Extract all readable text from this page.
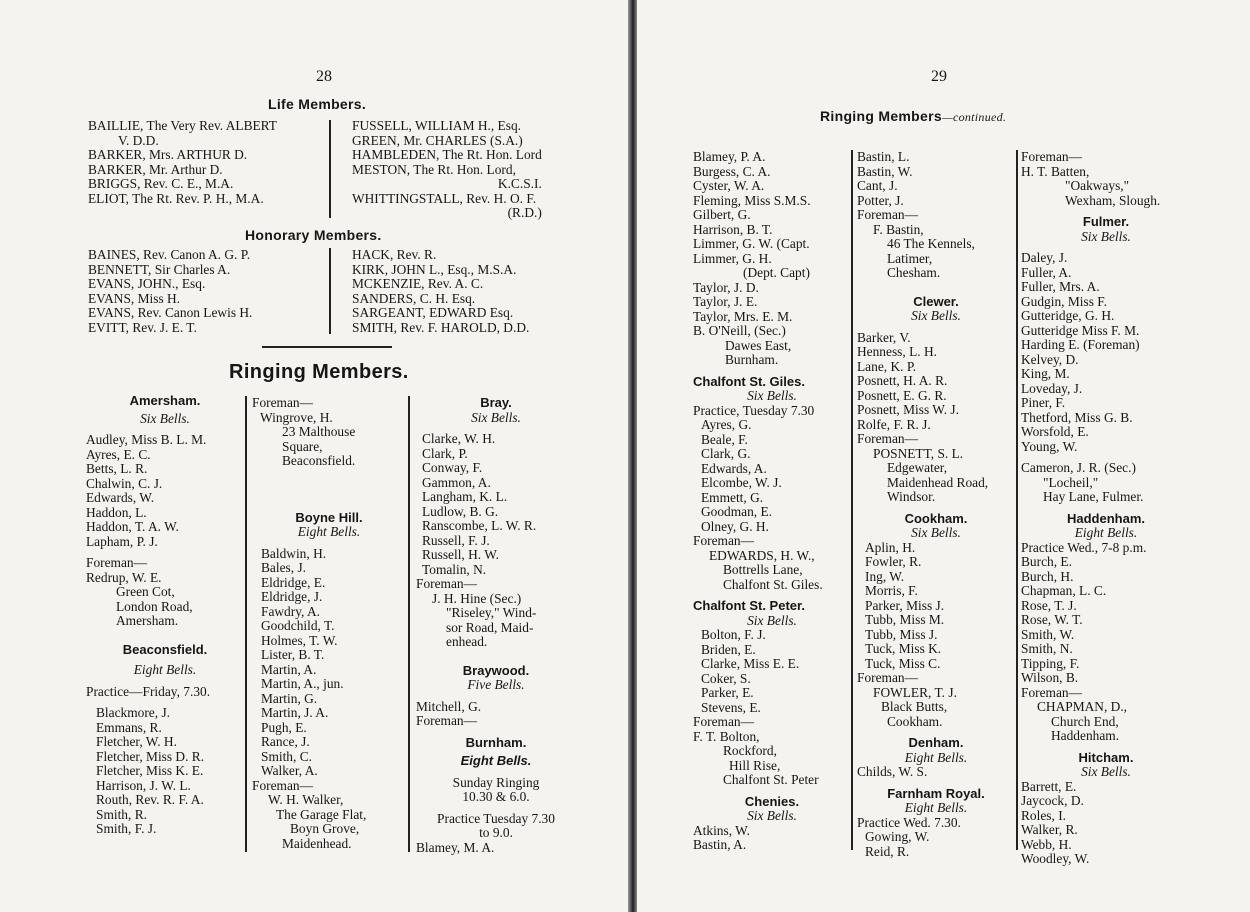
28
Life Members.
BAILLIE, The Very Rev. ALBERT
V. D.D.
BARKER, Mrs. ARTHUR D.
BARKER, Mr. Arthur D.
BRIGGS, Rev. C. E., M.A.
ELIOT, The Rt. Rev. P. H., M.A.
FUSSELL, WILLIAM H., Esq.
GREEN, Mr. CHARLES (S.A.)
HAMBLEDEN, The Rt. Hon. Lord
MESTON, The Rt. Hon. Lord,
K.C.S.I.
WHITTINGSTALL, Rev. H. O. F.
(R.D.)
Honorary Members.
BAINES, Rev. Canon A. G. P.
BENNETT, Sir Charles A.
EVANS, JOHN., Esq.
EVANS, Miss H.
EVANS, Rev. Canon Lewis H.
EVITT, Rev. J. E. T.
HACK, Rev. R.
KIRK, JOHN L., Esq., M.S.A.
MCKENZIE, Rev. A. C.
SANDERS, C. H. Esq.
SARGEANT, EDWARD Esq.
SMITH, Rev. F. HAROLD, D.D.
Ringing Members.
Amersham.
Six Bells.
Audley, Miss B. L. M.
Ayres, E. C.
Betts, L. R.
Chalwin, C. J.
Edwards, W.
Haddon, L.
Haddon, T. A. W.
Lapham, P. J.
Foreman—
Redrup, W. E.
Green Cot,
London Road,
Amersham.
Beaconsfield.
Eight Bells.
Practice—Friday, 7.30.
Blackmore, J.
Emmans, R.
Fletcher, W. H.
Fletcher, Miss D. R.
Fletcher, Miss K. E.
Harrison, J. W. L.
Routh, Rev. R. F. A.
Smith, R.
Smith, F. J.
Foreman—
Wingrove, H.
23 Malthouse
Square,
Beaconsfield.
Boyne Hill.
Eight Bells.
Baldwin, H.
Bales, J.
Eldridge, E.
Eldridge, J.
Fawdry, A.
Goodchild, T.
Holmes, T. W.
Lister, B. T.
Martin, A.
Martin, A., jun.
Martin, G.
Martin, J. A.
Pugh, E.
Rance, J.
Smith, C.
Walker, A.
Foreman—
W. H. Walker,
The Garage Flat,
Boyn Grove,
Maidenhead.
Bray.
Six Bells.
Clarke, W. H.
Clark, P.
Conway, F.
Gammon, A.
Langham, K. L.
Ludlow, B. G.
Ranscombe, L. W. R.
Russell, F. J.
Russell, H. W.
Tomalin, N.
Foreman—
J. H. Hine (Sec.)
"Riseley," Wind-
sor Road, Maid-
enhead.
Braywood.
Five Bells.
Mitchell, G.
Foreman—
Burnham.
Eight Bells.
Sunday Ringing
10.30 & 6.0.
Practice Tuesday 7.30
to 9.0.
Blamey, M. A.
29
Ringing Members—continued.
Blamey, P. A.
Burgess, C. A.
Cyster, W. A.
Fleming, Miss S.M.S.
Gilbert, G.
Harrison, B. T.
Limmer, G. W. (Capt.
Limmer, G. H.
(Dept. Capt)
Taylor, J. D.
Taylor, J. E.
Taylor, Mrs. E. M.
B. O'Neill, (Sec.)
Dawes East,
Burnham.
Chalfont St. Giles.
Six Bells.
Practice, Tuesday 7.30
Ayres, G.
Beale, F.
Clark, G.
Edwards, A.
Elcombe, W. J.
Emmett, G.
Goodman, E.
Olney, G. H.
Foreman—
EDWARDS, H. W.,
Bottrells Lane,
Chalfont St. Giles.
Chalfont St. Peter.
Six Bells.
Bolton, F. J.
Briden, E.
Clarke, Miss E. E.
Coker, S.
Parker, E.
Stevens, E.
Foreman—
F. T. Bolton,
Rockford,
Hill Rise,
Chalfont St. Peter
Chenies.
Six Bells.
Atkins, W.
Bastin, A.
Bastin, L.
Bastin, W.
Cant, J.
Potter, J.
Foreman—
F. Bastin,
46 The Kennels,
Latimer,
Chesham.
Clewer.
Six Bells.
Barker, V.
Henness, L. H.
Lane, K. P.
Posnett, H. A. R.
Posnett, E. G. R.
Posnett, Miss W. J.
Rolfe, F. R. J.
Foreman—
POSNETT, S. L.
Edgewater,
Maidenhead Road,
Windsor.
Cookham.
Six Bells.
Aplin, H.
Fowler, R.
Ing, W.
Morris, F.
Parker, Miss J.
Tubb, Miss M.
Tubb, Miss J.
Tuck, Miss K.
Tuck, Miss C.
Foreman—
FOWLER, T. J.
Black Butts,
Cookham.
Denham.
Eight Bells.
Childs, W. S.
Farnham Royal.
Eight Bells.
Practice Wed. 7.30.
Gowing, W.
Reid, R.
Foreman—
H. T. Batten,
"Oakways,"
Wexham, Slough.
Fulmer.
Six Bells.
Daley, J.
Fuller, A.
Fuller, Mrs. A.
Gudgin, Miss F.
Gutteridge, G. H.
Gutteridge Miss F. M.
Harding E. (Foreman)
Kelvey, D.
King, M.
Loveday, J.
Piner, F.
Thetford, Miss G. B.
Worsfold, E.
Young, W.
Cameron, J. R. (Sec.)
"Locheil,"
Hay Lane, Fulmer.
Haddenham.
Eight Bells.
Practice Wed., 7-8 p.m.
Burch, E.
Burch, H.
Chapman, L. C.
Rose, T. J.
Rose, W. T.
Smith, W.
Smith, N.
Tipping, F.
Wilson, B.
Foreman—
CHAPMAN, D.,
Church End,
Haddenham.
Hitcham.
Six Bells.
Barrett, E.
Jaycock, D.
Roles, I.
Walker, R.
Webb, H.
Woodley, W.
